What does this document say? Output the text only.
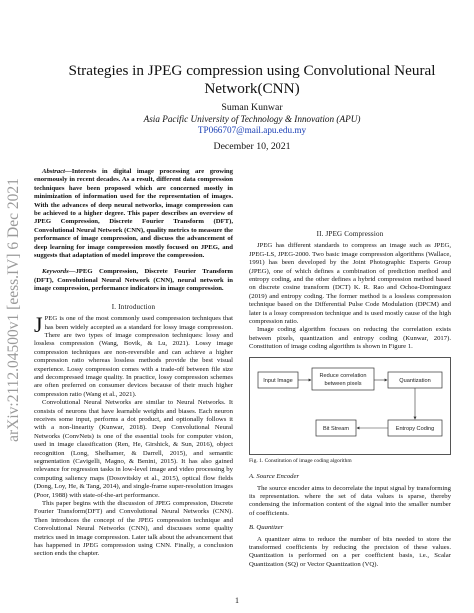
arXiv:2112.04500v1 [eess.IV] 6 Dec 2021
Strategies in JPEG compression using Convolutional Neural Network(CNN)
Suman Kunwar
Asia Pacific University of Technology & Innovation (APU)
TP066707@mail.apu.edu.my
December 10, 2021

Abstract—Interests in digital image processing are growing enormously in recent decades. As a result, different data compression techniques have been proposed which are concerned mostly in minimization of information used for the representation of images. With the advances of deep neural networks, image compression can be achieved to a higher degree. This paper describes an overview of JPEG Compression, Discrete Fourier Transform (DFT), Convolutional Neural Network (CNN), quality metrics to measure the performance of image compression, and discuss the advancement of deep learning for image compression mostly focused on JPEG, and suggests that adaptation of model improve the compression.

Keywords—JPEG Compression, Discrete Fourier Transform (DFT), Convolutional Neural Network (CNN), neural network in image compression, performance indicators in image compression.

I. Introduction

JPEG is one of the most commonly used compression techniques that has been widely accepted as a standard for lossy image compression. There are two types of image compression techniques: lossy and lossless compression (Wang, Bovik, & Lu, 2021). Lossy image compression techniques are non-reversible and can achieve a higher compression ratio whereas lossless methods provide the best visual experience. Lossy compression comes with a trade-off between file size and decompressed image quality. In practice, lossy compression schemes are often preferred on consumer devices because of their much higher compression ratio (Wang et al., 2021).

Convolutional Neural Networks are similar to Neural Networks. It consists of neurons that have learnable weights and biases. Each neuron receives some input, performs a dot product, and optionally follows it with a non-linearity (Kunwar, 2018). Deep Convolutional Neural Networks (ConvNets) is one of the essential tools for computer vision, used in image classification (Ren, He, Girshick, & Sun, 2016), object recognition (Long, Shelhamer, & Darrell, 2015), and semantic segmentation (Cavigelli, Magno, & Benini, 2015). It has also gained relevance for regression tasks in low-level image and video processing by computing saliency maps (Dosovitskiy et al., 2015), optical flow fields (Dong, Loy, He, & Tang, 2014), and single-frame super-resolution images (Poor, 1988) with state-of-the-art performance.

This paper begins with the discussion of JPEG compression, Discrete Fourier Transform(DFT) and Convolutional Neural Networks (CNN). Then introduces the concept of the JPEG compression technique and Convolutional Neural Networks (CNN), and discusses some quality metrics used in image compression. Later talk about the advancement that has happened in JPEG compression using CNN. Finally, a conclusion section ends the chapter.

II. JPEG Compression

JPEG has different standards to compress an image such as JPEG, JPEG-LS, JPEG-2000. Two basic image compression algorithms (Wallace, 1991) has been developed by the Joint Photographic Experts Group (JPEG), one of which defines a combination of prediction method and entropy coding, and the other defines a hybrid compression method based on discrete cosine transform (DCT) K. R. Rao and Ochoa-Dominguez (2019) and entropy coding. The former method is a lossless compression technique based on the Differential Pulse Code Modulation (DPCM) and later is a lossy compression technique and is used mostly cause of the high compression ratio.

Image coding algorithm focuses on reducing the correlation exists between pixels, quantization and entropy coding (Kunwar, 2017). Constitution of image coding algorithm is shown in Figure 1.

Input Image
Reduce correlation
between pixels	Quantization
Entropy Coding
Bit Stream

Fig. 1. Constitution of image coding algorithm

A. Source Encoder

The source encoder aims to decorrelate the input signal by transforming its representation. where the set of data values is sparse, thereby condensing the information content of the signal into the smaller number of coefficients.

B. Quantizer

A quantizer aims to reduce the number of bits needed to store the transformed coefficients by reducing the precision of these values. Quantization is performed on a per coefficient basis, i.e., Scalar Quantization (SQ) or Vector Quantization (VQ).

1
